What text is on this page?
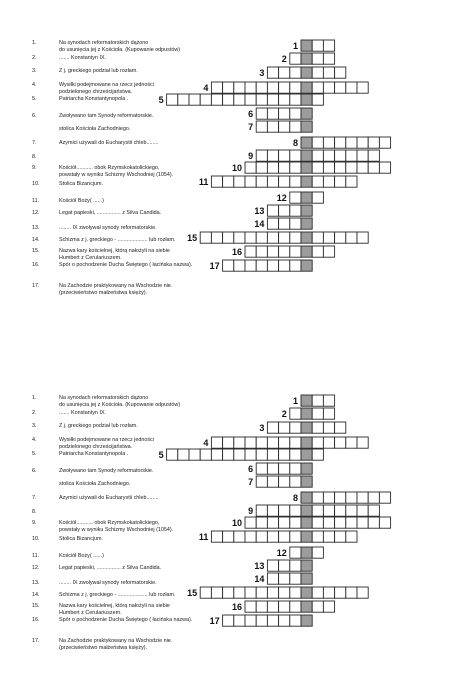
1
2
3
4
5
6
7
8
9
10
11
12
13
14
15
16
17
1.	Na synodach reformatorskich dążono
do usunięcia jej z Kościoła. (Kupowanie odpustów)
2.	....... Konstantyn IX.
3.	Z j. greckiego podział lub rozłam.
4.	Wysiłki podejmowane na rzecz jedności
podzielonego chrześcijaństwa.
5.	Patriarcha Konstantynopola .
6.	Zwoływano tam Synody reformatorskie.
stolica Kościoła Zachodniego.
7.	Azymici używali do Eucharystii chleb........
8.
9.	Kościół........... obok Rzymskokatolickiego,
powstały w wyniku Schizmy Wschodniej (1054).
10.	Stolica Bizancjum.
11.	Kościół Boży( ......)
12.	Legat papieski, ................ z Silva Candida.
13.	........ IX zwoływał synody reformatorskie.
14.	Schizma z j. greckiego - .................... lub rozłam.
15.	Nazwa kary kościelnej, którą nałożyli na siebie
Humbert z Cerulariuszem.
16.	Spór o pochodzenie Ducha Świętego ( łacińska nazwa).
17.	Na Zachodzie praktykowany na Wschodzie nie.
(przeciwieństwo małżeństwa księży).
1
2
3
4
5
6
7
8
9
10
11
12
13
14
15
16
17
1.	Na synodach reformatorskich dążono
do usunięcia jej z Kościoła. (Kupowanie odpustów)
2.	....... Konstantyn IX.
3.	Z j. greckiego podział lub rozłam.
4.	Wysiłki podejmowane na rzecz jedności
podzielonego chrześcijaństwa.
5.	Patriarcha Konstantynopola .
6.	Zwoływano tam Synody reformatorskie.
stolica Kościoła Zachodniego.
7.	Azymici używali do Eucharystii chleb........
8.
9.	Kościół........... obok Rzymskokatolickiego,
powstały w wyniku Schizmy Wschodniej (1054).
10.	Stolica Bizancjum.
11.	Kościół Boży( ......)
12.	Legat papieski, ................ z Silva Candida.
13.	........ IX zwoływał synody reformatorskie.
14.	Schizma z j. greckiego - .................... lub rozłam.
15.	Nazwa kary kościelnej, którą nałożyli na siebie
Humbert z Cerulariuszem.
16.	Spór o pochodzenie Ducha Świętego ( łacińska nazwa).
17.	Na Zachodzie praktykowany na Wschodzie nie.
(przeciwieństwo małżeństwa księży).
